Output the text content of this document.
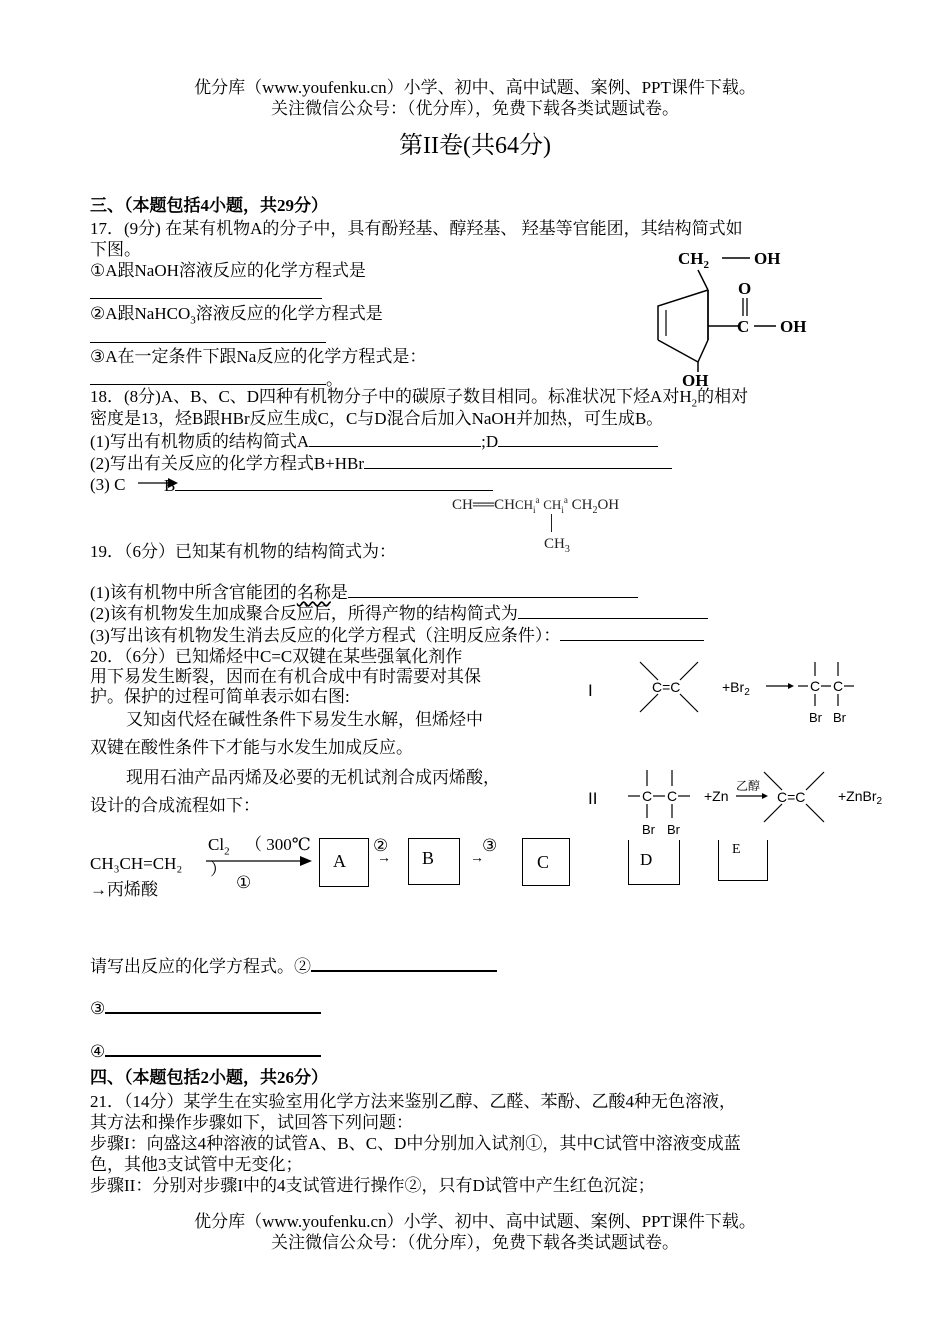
优分库（www.youfenku.cn）小学、初中、高中试题、案例、PPT课件下载。
关注微信公众号：（优分库），免费下载各类试题试卷。
第II卷(共64分)
三、（本题包括4小题，共29分）
17．(9分) 在某有机物A的分子中，具有酚羟基、醇羟基、 羟基等官能团，其结构简式如
下图。
①A跟NaOH溶液反应的化学方程式是
②A跟NaHCO$_3$溶液反应的化学方程式是
③A在一定条件下跟Na反应的化学方程式是：
。
$CH_2$	OH
O
C OH
OH
18．(8分)A、B、C、D四种有机物分子中的碳原子数目相同。标准状况下烃A对$H_2$的相对
密度是13，烃B跟HBr反应生成C，C与D混合后加入NaOH并加热，可生成B。
(1)写出有机物质的结构简式A	;D
(2)写出有关反应的化学方程式B+HBr
(3) C B
$CH══CHCH_i^a$ $CH_i^a$ $CH_2OH$
$CH_3$
19．（6分）已知某有机物的结构简式为：
(1)该有机物中所含官能团的名称是
(2)该有机物发生加成聚合反应后，所得产物的结构简式为
(3)写出该有机物发生消去反应的化学方程式（注明反应条件）：
20．（6分）已知烯烃中C=C双键在某些强氧化剂作
用下易发生断裂，因而在有机合成中有时需要对其保
护。保护的过程可简单表示如右图:
又知卤代烃在碱性条件下易发生水解，但烯烃中
双键在酸性条件下才能与水发生加成反应。
现用石油产品丙烯及必要的无机试剂合成丙烯酸，
设计的合成流程如下：
I	C=C	$+Br_2$	C C
Br Br
II	C C
Br Br
+Zn
乙醇
C=C +ZnBr$_2$
$Cl_2$ （ 300℃
CH₃CH=CH₂ ）
①
A
②
→ B
③
→	C	D
E
→丙烯酸
请写出反应的化学方程式。②
③
④
四、（本题包括2小题，共26分）
21．（14分）某学生在实验室用化学方法来鉴别乙醇、乙醛、苯酚、乙酸4种无色溶液，
其方法和操作步骤如下，试回答下列问题：
步骤I：向盛这4种溶液的试管A、B、C、D中分别加入试剂①，其中C试管中溶液变成蓝
色，其他3支试管中无变化；
步骤II：分别对步骤I中的4支试管进行操作②，只有D试管中产生红色沉淀；
优分库（www.youfenku.cn）小学、初中、高中试题、案例、PPT课件下载。
关注微信公众号：（优分库），免费下载各类试题试卷。
